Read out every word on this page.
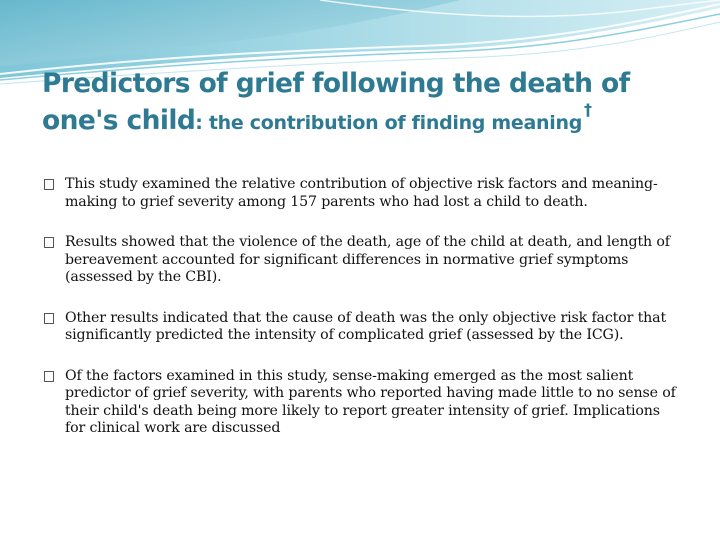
Predictors of grief following the death of one's child: the contribution of finding meaning†
This study examined the relative contribution of objective risk factors and meaning-making to grief severity among 157 parents who had lost a child to death.
Results showed that the violence of the death, age of the child at death, and length of bereavement accounted for significant differences in normative grief symptoms (assessed by the CBI).
Other results indicated that the cause of death was the only objective risk factor that significantly predicted the intensity of complicated grief (assessed by the ICG).
Of the factors examined in this study, sense-making emerged as the most salient predictor of grief severity, with parents who reported having made little to no sense of their child's death being more likely to report greater intensity of grief. Implications for clinical work are discussed
